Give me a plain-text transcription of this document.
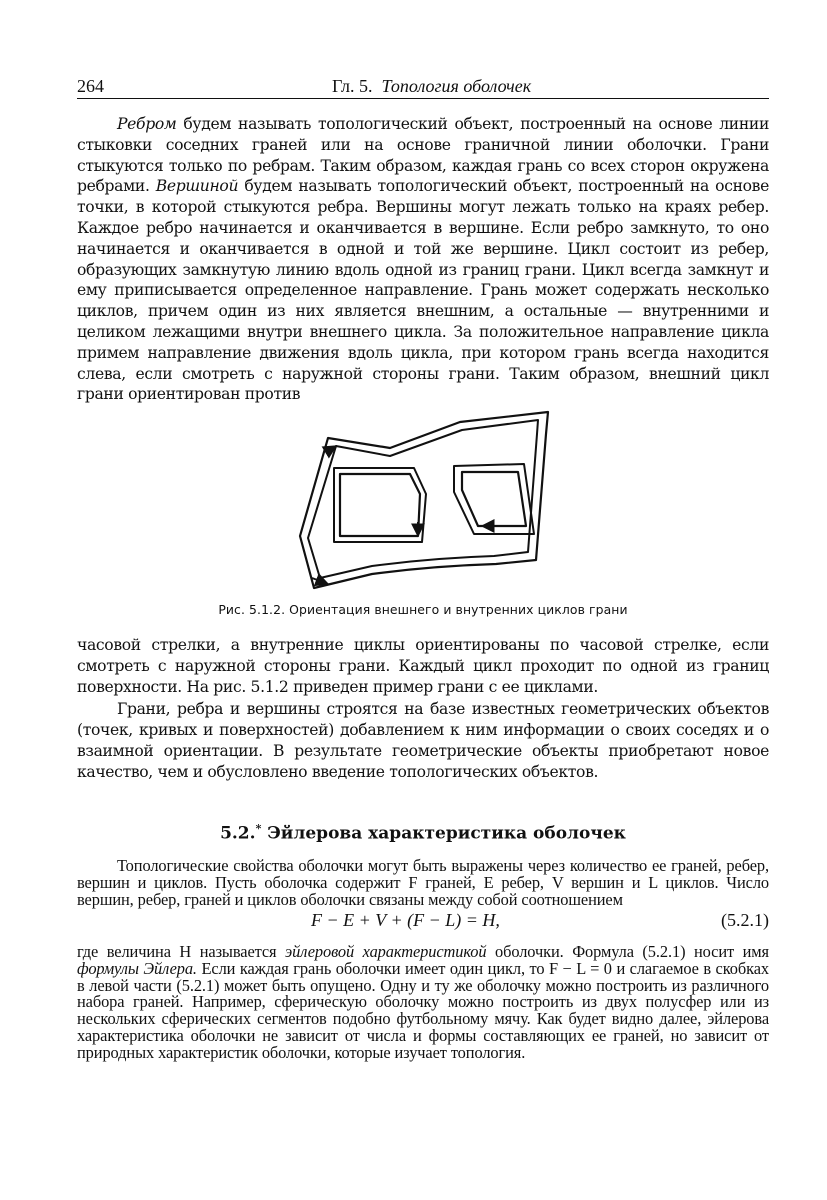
264	Гл. 5. Топология оболочек

Ребром будем называть топологический объект, построенный на основе линии стыковки соседних граней или на основе граничной линии оболочки. Грани стыкуются только по ребрам. Таким образом, каждая грань со всех сторон окружена ребрами. Вершиной будем называть топологический объект, построенный на основе точки, в которой стыкуются ребра. Вершины могут лежать только на краях ребер. Каждое ребро начинается и оканчивается в вершине. Если ребро замкнуто, то оно начинается и оканчивается в одной и той же вершине. Цикл состоит из ребер, образующих замкнутую линию вдоль одной из границ грани. Цикл всегда замкнут и ему приписывается определенное направление. Грань может содержать несколько циклов, причем один из них является внешним, а остальные — внутренними и целиком лежащими внутри внешнего цикла. За положительное направление цикла примем направление движения вдоль цикла, при котором грань всегда находится слева, если смотреть с наружной стороны грани. Таким образом, внешний цикл грани ориентирован против

Рис. 5.1.2. Ориентация внешнего и внутренних циклов грани

часовой стрелки, а внутренние циклы ориентированы по часовой стрелке, если смотреть с наружной стороны грани. Каждый цикл проходит по одной из границ поверхности. На рис. 5.1.2 приведен пример грани с ее циклами.

Грани, ребра и вершины строятся на базе известных геометрических объектов (точек, кривых и поверхностей) добавлением к ним информации о своих соседях и о взаимной ориентации. В результате геометрические объекты приобретают новое качество, чем и обусловлено введение топологических объектов.

5.2.* Эйлерова характеристика оболочек

Топологические свойства оболочки могут быть выражены через количество ее граней, ребер, вершин и циклов. Пусть оболочка содержит F граней, E ребер, V вершин и L циклов. Число вершин, ребер, граней и циклов оболочки связаны между собой соотношением

F − E + V + (F − L) = H,	(5.2.1)

где величина H называется эйлеровой характеристикой оболочки. Формула (5.2.1) носит имя формулы Эйлера. Если каждая грань оболочки имеет один цикл, то F − L = 0 и слагаемое в скобках в левой части (5.2.1) может быть опущено. Одну и ту же оболочку можно построить из различного набора граней. Например, сферическую оболочку можно построить из двух полусфер или из нескольких сферических сегментов подобно футбольному мячу. Как будет видно далее, эйлерова характеристика оболочки не зависит от числа и формы составляющих ее граней, но зависит от природных характеристик оболочки, которые изучает топология.
